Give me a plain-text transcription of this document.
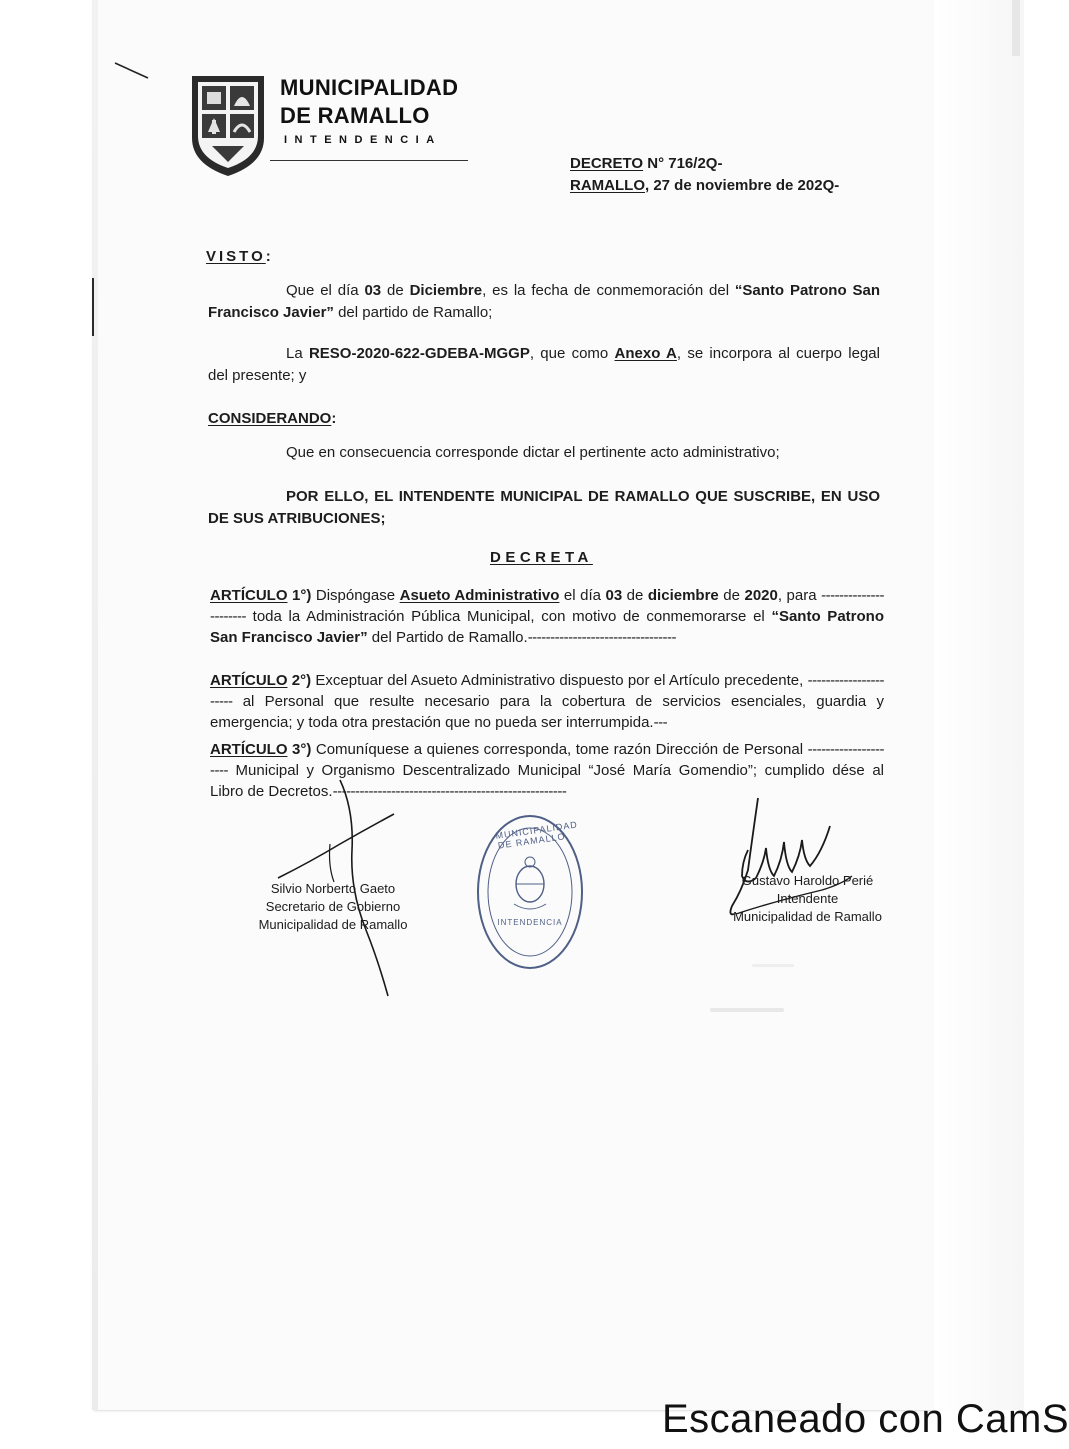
MUNICIPALIDAD
DE RAMALLO
INTENDENCIA
DECRETO N° 716/2Q-
RAMALLO, 27 de noviembre de 202Q-
VISTO:
Que el día 03 de Diciembre, es la fecha de conmemoración del “Santo Patrono San Francisco Javier” del partido de Ramallo;
La RESO-2020-622-GDEBA-MGGP, que como Anexo A, se incorpora al cuerpo legal del presente; y
CONSIDERANDO:
Que en consecuencia corresponde dictar el pertinente acto administrativo;
POR ELLO, EL INTENDENTE MUNICIPAL DE RAMALLO QUE SUSCRIBE, EN USO DE SUS ATRIBUCIONES;
DECRETA
ARTÍCULO 1°) Dispóngase Asueto Administrativo el día 03 de diciembre de 2020, para ---------------------- toda la Administración Pública Municipal, con motivo de conmemorarse el “Santo Patrono San Francisco Javier” del Partido de Ramallo.---------------------------------
ARTÍCULO 2°) Exceptuar del Asueto Administrativo dispuesto por el Artículo precedente, ---------------------- al Personal que resulte necesario para la cobertura de servicios esenciales, guardia y emergencia; y toda otra prestación que no pueda ser interrumpida.---
ARTÍCULO 3°) Comuníquese a quienes corresponda, tome razón Dirección de Personal --------------------- Municipal y Organismo Descentralizado Municipal “José María Gomendio”; cumplido dése al Libro de Decretos.----------------------------------------------------
Silvio Norberto Gaeto
Secretario de Gobierno
Municipalidad de Ramallo
MUNICIPALIDAD DE RAMALLO
INTENDENCIA
Gustavo Haroldo Perié
Intendente
Municipalidad de Ramallo
Escaneado con CamS
